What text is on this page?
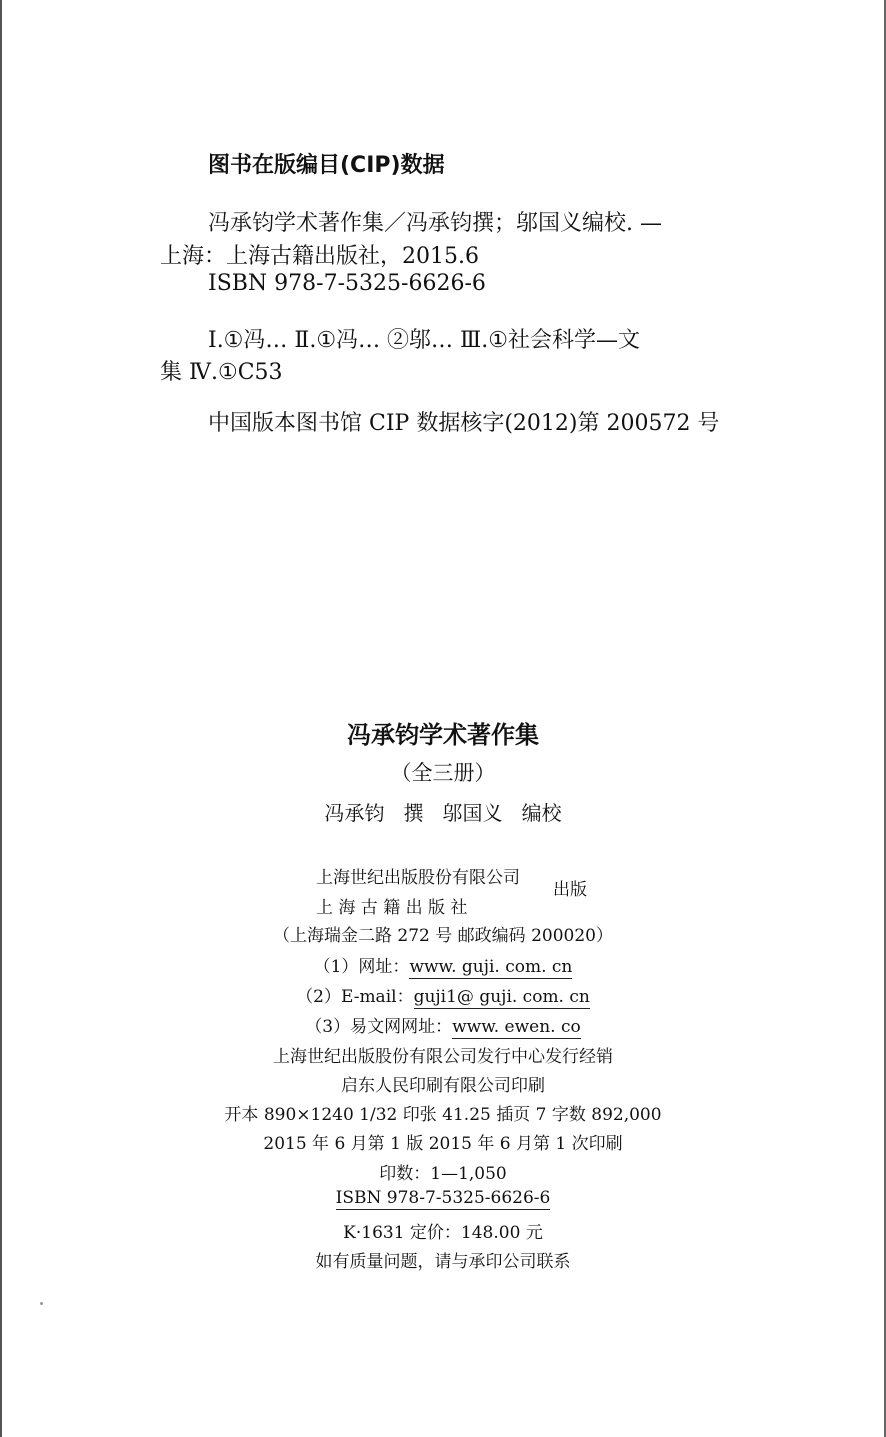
图书在版编目(CIP)数据
冯承钧学术著作集／冯承钧撰；邬国义编校. —
上海：上海古籍出版社，2015.6
ISBN 978-7-5325-6626-6
Ⅰ.①冯… Ⅱ.①冯… ②邬… Ⅲ.①社会科学—文
集 Ⅳ.①C53
中国版本图书馆 CIP 数据核字(2012)第 200572 号
冯承钧学术著作集
（全三册）
冯承钧 撰 邬国义 编校
上海世纪出版股份有限公司
上 海 古 籍 出 版 社
出版
（上海瑞金二路 272 号 邮政编码 200020）
（1）网址：www. guji. com. cn
（2）E-mail：guji1@ guji. com. cn
（3）易文网网址：www. ewen. co
上海世纪出版股份有限公司发行中心发行经销
启东人民印刷有限公司印刷
开本 890×1240 1/32 印张 41.25 插页 7 字数 892,000
2015 年 6 月第 1 版 2015 年 6 月第 1 次印刷
印数：1—1,050
ISBN 978-7-5325-6626-6
K·1631 定价：148.00 元
如有质量问题，请与承印公司联系
